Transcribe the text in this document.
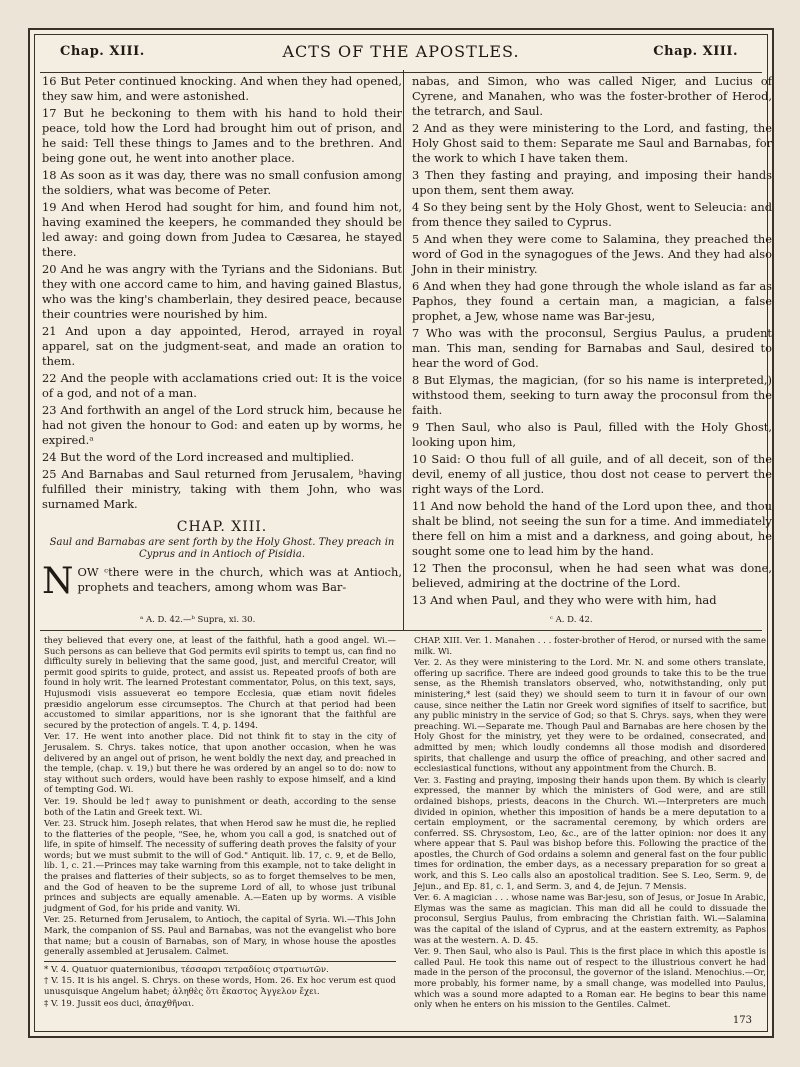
Chap. XIII.	ACTS OF THE APOSTLES.	Chap. XIII.

16 But Peter continued knocking. And when they had opened, they saw him, and were astonished.

17 But he beckoning to them with his hand to hold their peace, told how the Lord had brought him out of prison, and he said: Tell these things to James and to the brethren. And being gone out, he went into another place.

18 As soon as it was day, there was no small confusion among the soldiers, what was become of Peter.

19 And when Herod had sought for him, and found him not, having examined the keepers, he commanded they should be led away: and going down from Judea to Cæsarea, he stayed there.

20 And he was angry with the Tyrians and the Sidonians. But they with one accord came to him, and having gained Blastus, who was the king's chamberlain, they desired peace, because their countries were nourished by him.

21 And upon a day appointed, Herod, arrayed in royal apparel, sat on the judgment-seat, and made an oration to them.

22 And the people with acclamations cried out: It is the voice of a god, and not of a man.

23 And forthwith an angel of the Lord struck him, because he had not given the honour to God: and eaten up by worms, he expired.ᵃ

24 But the word of the Lord increased and multiplied.

25 And Barnabas and Saul returned from Jerusalem, ᵇhaving fulfilled their ministry, taking with them John, who was surnamed Mark.

CHAP. XIII.
Saul and Barnabas are sent forth by the Holy Ghost. They preach in Cyprus and in Antioch of Pisidia.

N OW ᶜthere were in the church, which was at Antioch, prophets and teachers, among whom was Bar-

nabas, and Simon, who was called Niger, and Lucius of Cyrene, and Manahen, who was the foster-brother of Herod, the tetrarch, and Saul.

2 And as they were ministering to the Lord, and fasting, the Holy Ghost said to them: Separate me Saul and Barnabas, for the work to which I have taken them.

3 Then they fasting and praying, and imposing their hands upon them, sent them away.

4 So they being sent by the Holy Ghost, went to Seleucia: and from thence they sailed to Cyprus.

5 And when they were come to Salamina, they preached the word of God in the synagogues of the Jews. And they had also John in their ministry.

6 And when they had gone through the whole island as far as Paphos, they found a certain man, a magician, a false prophet, a Jew, whose name was Bar-jesu,

7 Who was with the proconsul, Sergius Paulus, a prudent man. This man, sending for Barnabas and Saul, desired to hear the word of God.

8 But Elymas, the magician, (for so his name is interpreted,) withstood them, seeking to turn away the proconsul from the faith.

9 Then Saul, who also is Paul, filled with the Holy Ghost, looking upon him,

10 Said: O thou full of all guile, and of all deceit, son of the devil, enemy of all justice, thou dost not cease to pervert the right ways of the Lord.

11 And now behold the hand of the Lord upon thee, and thou shalt be blind, not seeing the sun for a time. And immediately there fell on him a mist and a darkness, and going about, he sought some one to lead him by the hand.

12 Then the proconsul, when he had seen what was done, believed, admiring at the doctrine of the Lord.

13 And when Paul, and they who were with him, had

ᵃ A. D. 42.—ᵇ Supra, xi. 30.	ᶜ A. D. 42.

they believed that every one, at least of the faithful, hath a good angel. Wi.—Such persons as can believe that God permits evil spirits to tempt us, can find no difficulty surely in believing that the same good, just, and merciful Creator, will permit good spirits to guide, protect, and assist us. Repeated proofs of both are found in holy writ. The learned Protestant commentator, Polus, on this text, says, Hujusmodi visis assueverat eo tempore Ecclesia, quæ etiam novit fideles præsidio angelorum esse circumseptos. The Church at that period had been accustomed to similar apparitions, nor is she ignorant that the faithful are secured by the protection of angels. T. 4, p. 1494.

Ver. 17. He went into another place. Did not think fit to stay in the city of Jerusalem. S. Chrys. takes notice, that upon another occasion, when he was delivered by an angel out of prison, he went boldly the next day, and preached in the temple, (chap. v. 19,) but there he was ordered by an angel so to do: now to stay without such orders, would have been rashly to expose himself, and a kind of tempting God. Wi.

Ver. 19. Should be led† away to punishment or death, according to the sense both of the Latin and Greek text. Wi.

Ver. 23. Struck him. Joseph relates, that when Herod saw he must die, he replied to the flatteries of the people, "See, he, whom you call a god, is snatched out of life, in spite of himself. The necessity of suffering death proves the falsity of your words; but we must submit to the will of God." Antiquit. lib. 17, c. 9, et de Bello, lib. 1, c. 21.—Princes may take warning from this example, not to take delight in the praises and flatteries of their subjects, so as to forget themselves to be men, and the God of heaven to be the supreme Lord of all, to whose just tribunal princes and subjects are equally amenable. A.—Eaten up by worms. A visible judgment of God, for his pride and vanity. Wi.

Ver. 25. Returned from Jerusalem, to Antioch, the capital of Syria. Wi.—This John Mark, the companion of SS. Paul and Barnabas, was not the evangelist who bore that name; but a cousin of Barnabas, son of Mary, in whose house the apostles generally assembled at Jerusalem. Calmet.

* V. 4. Quatuor quaternionibus, τέσσαρσι τετραδίοις στρατιωτῶν.

† V. 15. It is his angel. S. Chrys. on these words, Hom. 26. Ex hoc verum est quod unusquisque Angelum habet; ἀληθὲς ὅτι ἕκαστος Ἀγγελον ἔχει.

‡ V. 19. Jussit eos duci, ἀπαχθῆναι.

CHAP. XIII. Ver. 1. Manahen . . . foster-brother of Herod, or nursed with the same milk. Wi.

Ver. 2. As they were ministering to the Lord. Mr. N. and some others translate, offering up sacrifice. There are indeed good grounds to take this to be the true sense, as the Rhemish translators observed, who, notwithstanding, only put ministering,* lest (said they) we should seem to turn it in favour of our own cause, since neither the Latin nor Greek word signifies of itself to sacrifice, but any public ministry in the service of God; so that S. Chrys. says, when they were preaching. Wi.—Separate me. Though Paul and Barnabas are here chosen by the Holy Ghost for the ministry, yet they were to be ordained, consecrated, and admitted by men; which loudly condemns all those modish and disordered spirits, that challenge and usurp the office of preaching, and other sacred and ecclesiastical functions, without any appointment from the Church. B.

Ver. 3. Fasting and praying, imposing their hands upon them. By which is clearly expressed, the manner by which the ministers of God were, and are still ordained bishops, priests, deacons in the Church. Wi.—Interpreters are much divided in opinion, whether this imposition of hands be a mere deputation to a certain employment, or the sacramental ceremony, by which orders are conferred. SS. Chrysostom, Leo, &c., are of the latter opinion: nor does it any where appear that S. Paul was bishop before this. Following the practice of the apostles, the Church of God ordains a solemn and general fast on the four public times for ordination, the ember days, as a necessary preparation for so great a work, and this S. Leo calls also an apostolical tradition. See S. Leo, Serm. 9, de Jejun., and Ep. 81, c. 1, and Serm. 3, and 4, de Jejun. 7 Mensis.

Ver. 6. A magician . . . whose name was Bar-jesu, son of Jesus, or Josue In Arabic, Elymas was the same as magician. This man did all he could to dissuade the proconsul, Sergius Paulus, from embracing the Christian faith. Wi.—Salamina was the capital of the island of Cyprus, and at the eastern extremity, as Paphos was at the western. A. D. 45.

Ver. 9. Then Saul, who also is Paul. This is the first place in which this apostle is called Paul. He took this name out of respect to the illustrious convert he had made in the person of the proconsul, the governor of the island. Menochius.—Or, more probably, his former name, by a small change, was modelled into Paulus, which was a sound more adapted to a Roman ear. He begins to bear this name only when he enters on his mission to the Gentiles. Calmet.

173
